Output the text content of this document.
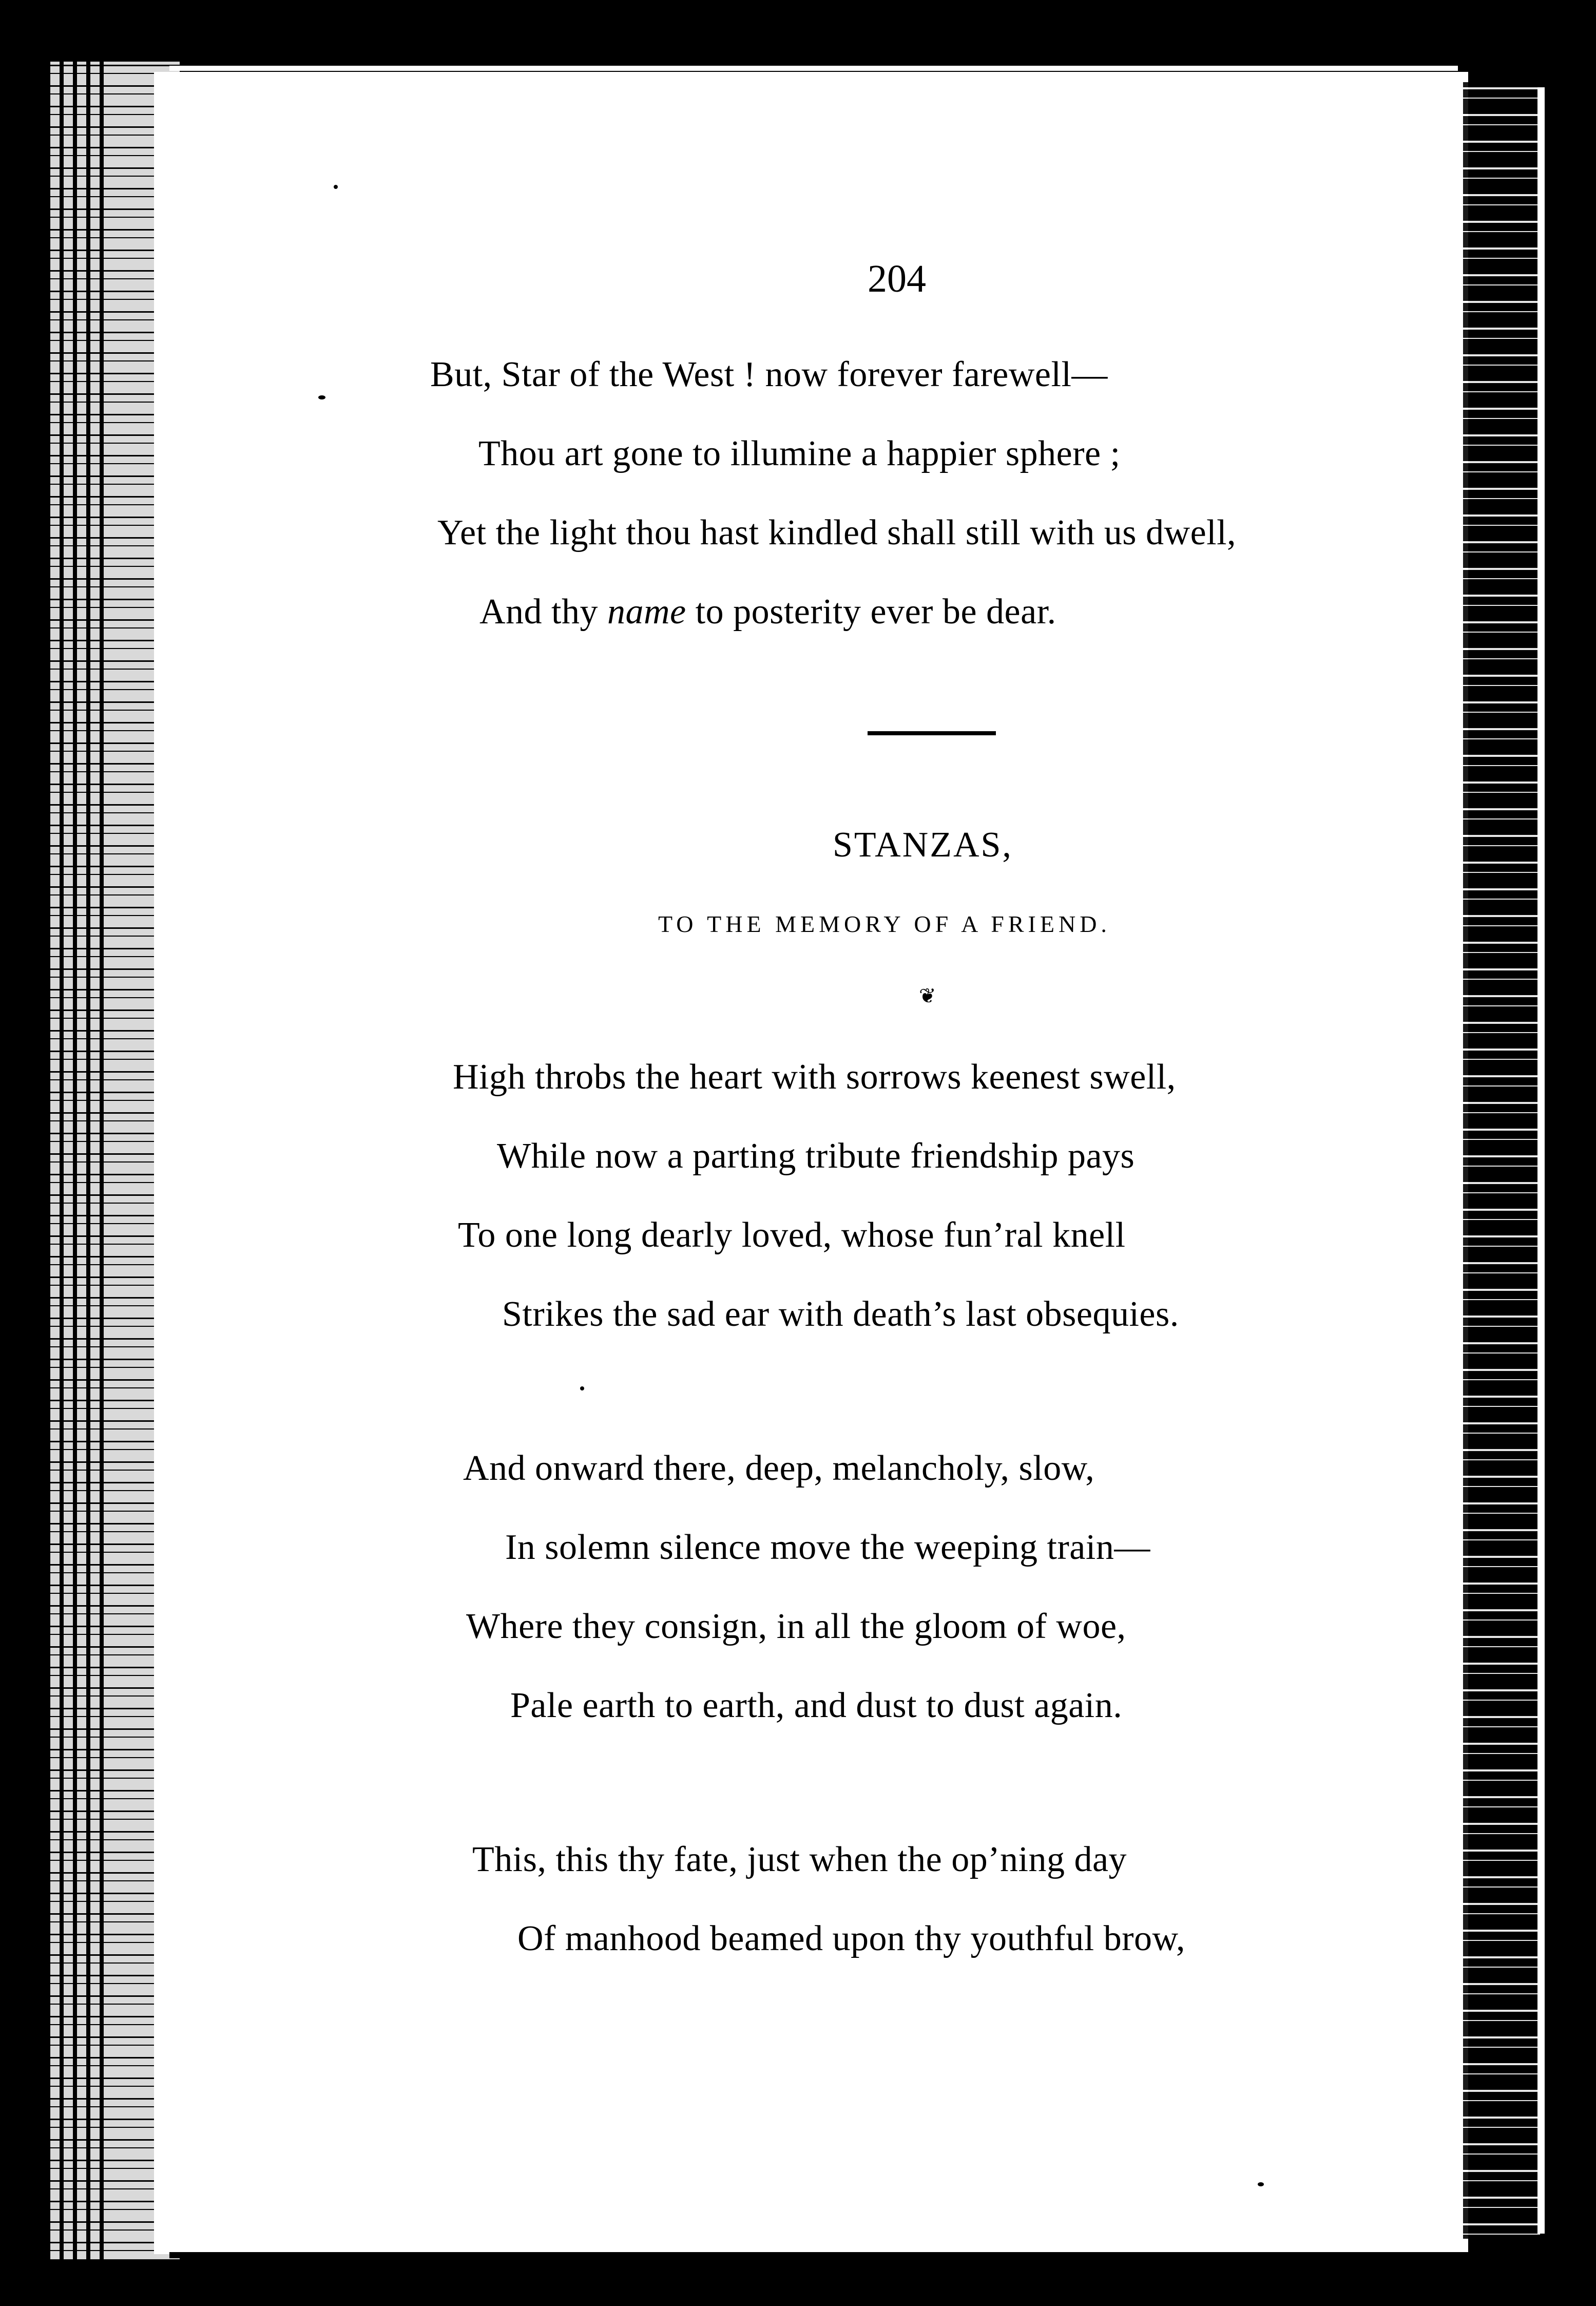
204
But, Star of the West ! now forever farewell—
Thou art gone to illumine a happier sphere ;
Yet the light thou hast kindled shall still with us dwell,
And thy name to posterity ever be dear.
STANZAS,
TO THE MEMORY OF A FRIEND.
❦
High throbs the heart with sorrows keenest swell,
While now a parting tribute friendship pays
To one long dearly loved, whose fun’ral knell
Strikes the sad ear with death’s last obsequies.
And onward there, deep, melancholy, slow,
In solemn silence move the weeping train—
Where they consign, in all the gloom of woe,
Pale earth to earth, and dust to dust again.
This, this thy fate, just when the op’ning day
Of manhood beamed upon thy youthful brow,
